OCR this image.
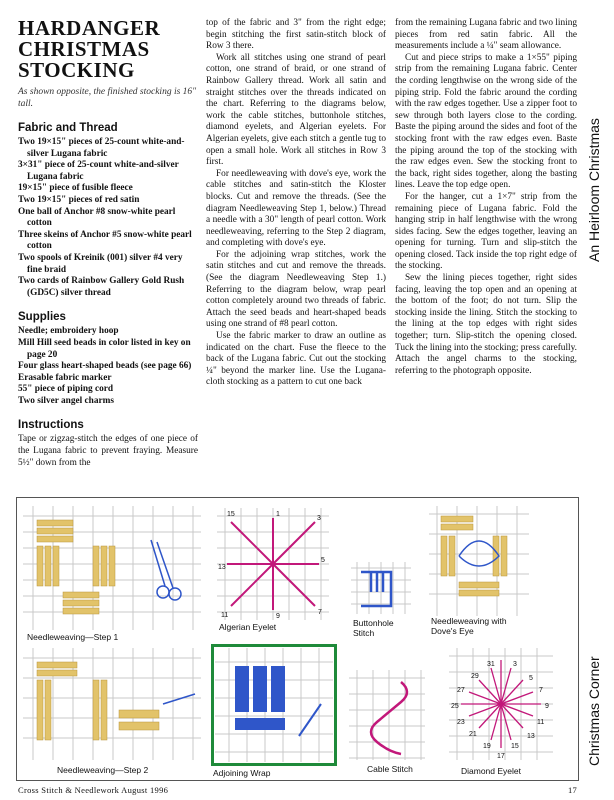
HARDANGER
CHRISTMAS
STOCKING
As shown opposite, the finished stocking is 16" tall.
Fabric and Thread
Two 19×15" pieces of 25-count white-and-silver Lugana fabric
3×31" piece of 25-count white-and-silver Lugana fabric
19×15" piece of fusible fleece
Two 19×15" pieces of red satin
One ball of Anchor #8 snow-white pearl cotton
Three skeins of Anchor #5 snow-white pearl cotton
Two spools of Kreinik (001) silver #4 very fine braid
Two cards of Rainbow Gallery Gold Rush (GD5C) silver thread
Supplies
Needle; embroidery hoop
Mill Hill seed beads in color listed in key on page 20
Four glass heart-shaped beads (see page 66)
Erasable fabric marker
55" piece of piping cord
Two silver angel charms
Instructions

Tape or zigzag-stitch the edges of one piece of the Lugana fabric to prevent fraying. Measure 5½" down from the

top of the fabric and 3" from the right edge; begin stitching the first satin-stitch block of Row 3 there.

Work all stitches using one strand of pearl cotton, one strand of braid, or one strand of Rainbow Gallery thread. Work all satin and straight stitches over the threads indicated on the chart. Referring to the diagrams below, work the cable stitches, buttonhole stitches, diamond eyelets, and Algerian eyelets. For Algerian eyelets, give each stitch a gentle tug to open a small hole. Work all stitches in Row 3 first.

For needleweaving with dove's eye, work the cable stitches and satin-stitch the Kloster blocks. Cut and remove the threads. (See the diagram Needleweaving Step 1, below.) Thread a needle with a 30" length of pearl cotton. Work needleweaving, referring to the Step 2 diagram, and completing with dove's eye.

For the adjoining wrap stitches, work the satin stitches and cut and remove the threads. (See the diagram Needleweaving Step 1.) Referring to the diagram below, wrap pearl cotton completely around two threads of fabric. Attach the seed beads and heart-shaped beads using one strand of #8 pearl cotton.

Use the fabric marker to draw an outline as indicated on the chart. Fuse the fleece to the back of the Lugana fabric. Cut out the stocking ¼" beyond the marker line. Use the Lugana-cloth stocking as a pattern to cut one back

from the remaining Lugana fabric and two lining pieces from red satin fabric. All the measurements include a ¼" seam allowance.

Cut and piece strips to make a 1×55" piping strip from the remaining Lugana fabric. Center the cording lengthwise on the wrong side of the piping strip. Fold the fabric around the cording with the raw edges together. Use a zipper foot to sew through both layers close to the cording. Baste the piping around the sides and foot of the stocking front with the raw edges even. Baste the piping around the top of the stocking with the raw edges even. Sew the stocking front to the back, right sides together, along the basting lines. Leave the top edge open.

For the hanger, cut a 1×7" strip from the remaining piece of Lugana fabric. Fold the hanging strip in half lengthwise with the wrong sides facing. Sew the edges together, leaving an opening for turning. Turn and slip-stitch the opening closed. Tack inside the top right edge of the stocking.

Sew the lining pieces together, right sides facing, leaving the top open and an opening at the bottom of the foot; do not turn. Slip the stocking inside the lining. Stitch the stocking to the lining at the top edges with right sides together; turn. Slip-stitch the opening closed. Tuck the lining into the stocking; press carefully. Attach the angel charms to the stocking, referring to the photograph opposite.

An Heirloom Christmas
Christmas Corner
Needleweaving—Step 1
Needleweaving—Step 2
15
13
11	9
7
5
3
1
Algerian Eyelet	Buttonhole
Stitch
Needleweaving with
Dove's Eye
Adjoining Wrap	Cable Stitch
31	3
29	5
27	7
25	9
23
21
11
13
19	15
17
Diamond Eyelet
Cross Stitch & Needlework August 1996	17
